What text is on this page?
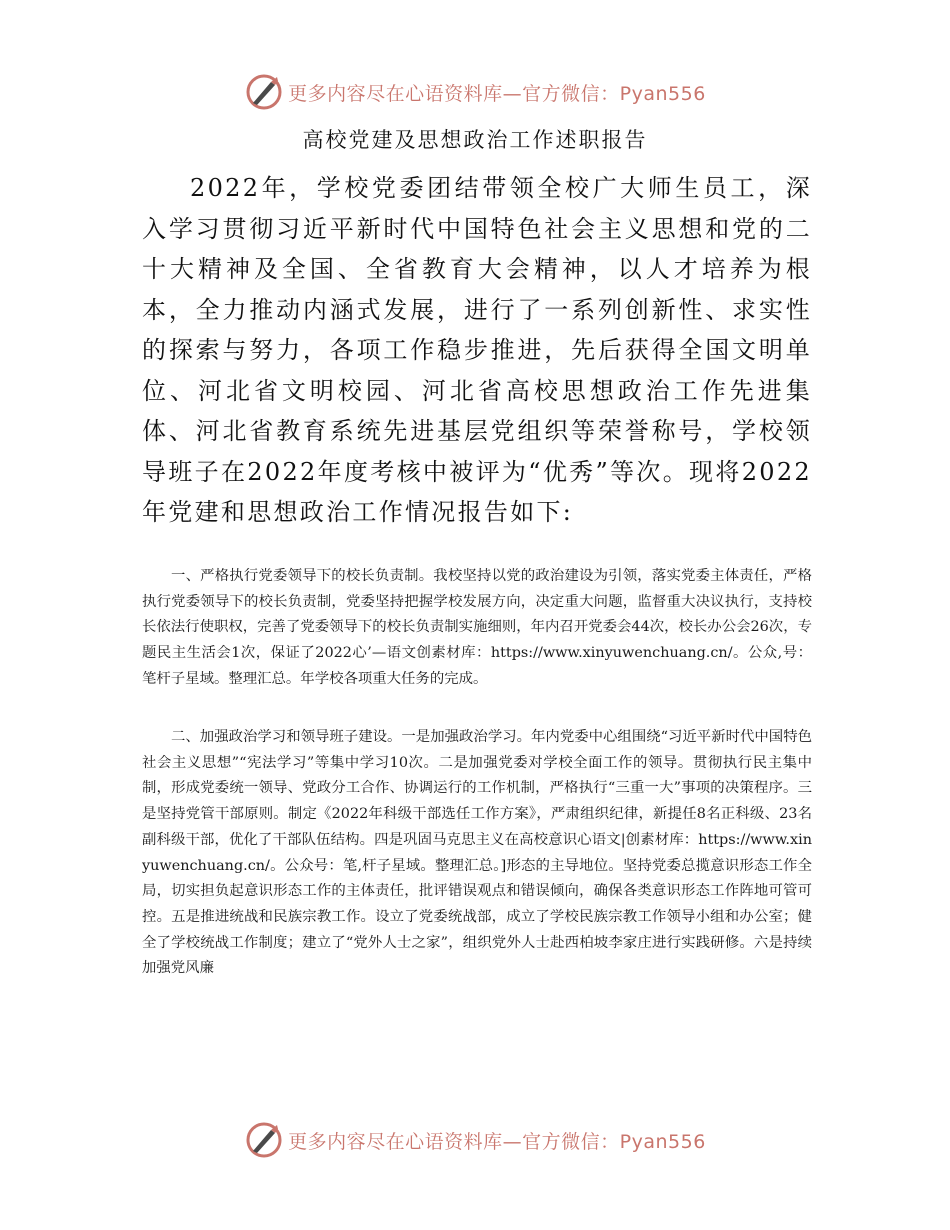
更多内容尽在心语资料库—官方微信：Pyan556
高校党建及思想政治工作述职报告

2022年，学校党委团结带领全校广大师生员工，深入学习贯彻习近平新时代中国特色社会主义思想和党的二十大精神及全国、全省教育大会精神，以人才培养为根本，全力推动内涵式发展，进行了一系列创新性、求实性的探索与努力，各项工作稳步推进，先后获得全国文明单位、河北省文明校园、河北省高校思想政治工作先进集体、河北省教育系统先进基层党组织等荣誉称号，学校领导班子在2022年度考核中被评为“优秀”等次。现将2022年党建和思想政治工作情况报告如下:

一、严格执行党委领导下的校长负责制。我校坚持以党的政治建设为引领，落实党委主体责任，严格执行党委领导下的校长负责制，党委坚持把握学校发展方向，决定重大问题，监督重大决议执行，支持校长依法行使职权，完善了党委领导下的校长负责制实施细则，年内召开党委会44次，校长办公会26次，专题民主生活会1次，保证了2022心’—语文创素材库：https://www.xinyuwenchuang.cn/。公众,号：笔杆子星域。整理汇总。年学校各项重大任务的完成。

二、加强政治学习和领导班子建设。一是加强政治学习。年内党委中心组围绕“习近平新时代中国特色社会主义思想”“宪法学习”等集中学习10次。二是加强党委对学校全面工作的领导。贯彻执行民主集中制，形成党委统一领导、党政分工合作、协调运行的工作机制，严格执行“三重一大”事项的决策程序。三是坚持党管干部原则。制定《2022年科级干部选任工作方案》，严肃组织纪律，新提任8名正科级、23名副科级干部，优化了干部队伍结构。四是巩固马克思主义在高校意识心语文|创素材库：https://www.xinyuwenchuang.cn/。公众号：笔,杆子星域。整理汇总。]形态的主导地位。坚持党委总揽意识形态工作全局，切实担负起意识形态工作的主体责任，批评错误观点和错误倾向，确保各类意识形态工作阵地可管可控。五是推进统战和民族宗教工作。设立了党委统战部，成立了学校民族宗教工作领导小组和办公室；健全了学校统战工作制度；建立了“党外人士之家”，组织党外人士赴西柏坡李家庄进行实践研修。六是持续加强党风廉

更多内容尽在心语资料库—官方微信：Pyan556
